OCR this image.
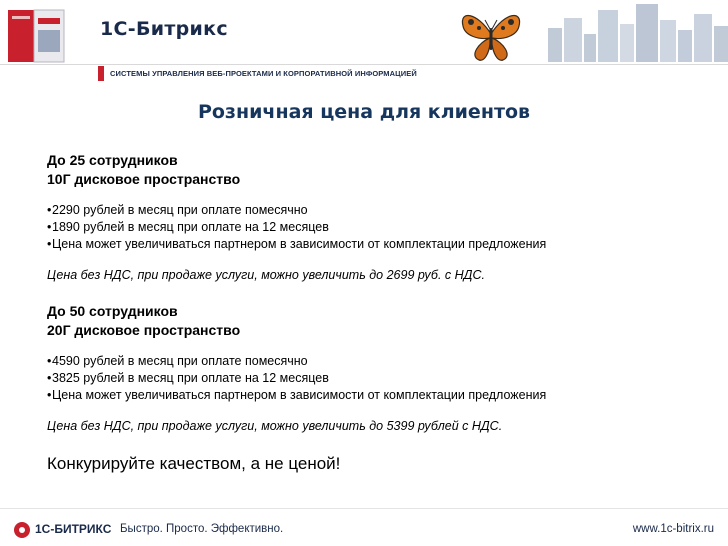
1С-Битрикс
СИСТЕМЫ УПРАВЛЕНИЯ ВЕБ-ПРОЕКТАМИ И КОРПОРАТИВНОЙ ИНФОРМАЦИЕЙ
Розничная цена для клиентов
До 25 сотрудников
10Г дисковое пространство
•2290 рублей в месяц при оплате помесячно
•1890 рублей в месяц при оплате на 12 месяцев
•Цена может увеличиваться партнером в зависимости от комплектации предложения
Цена без НДС, при продаже услуги, можно увеличить до 2699 руб. с НДС.
До 50 сотрудников
20Г дисковое пространство
•4590 рублей в месяц при оплате помесячно
•3825 рублей в месяц при оплате на 12 месяцев
•Цена может увеличиваться партнером в зависимости от комплектации предложения
Цена без НДС, при продаже услуги, можно увеличить до 5399 рублей с НДС.
Конкурируйте качеством, а не ценой!
1С-БИТРИКС Быстро. Просто. Эффективно.	www.1c-bitrix.ru
